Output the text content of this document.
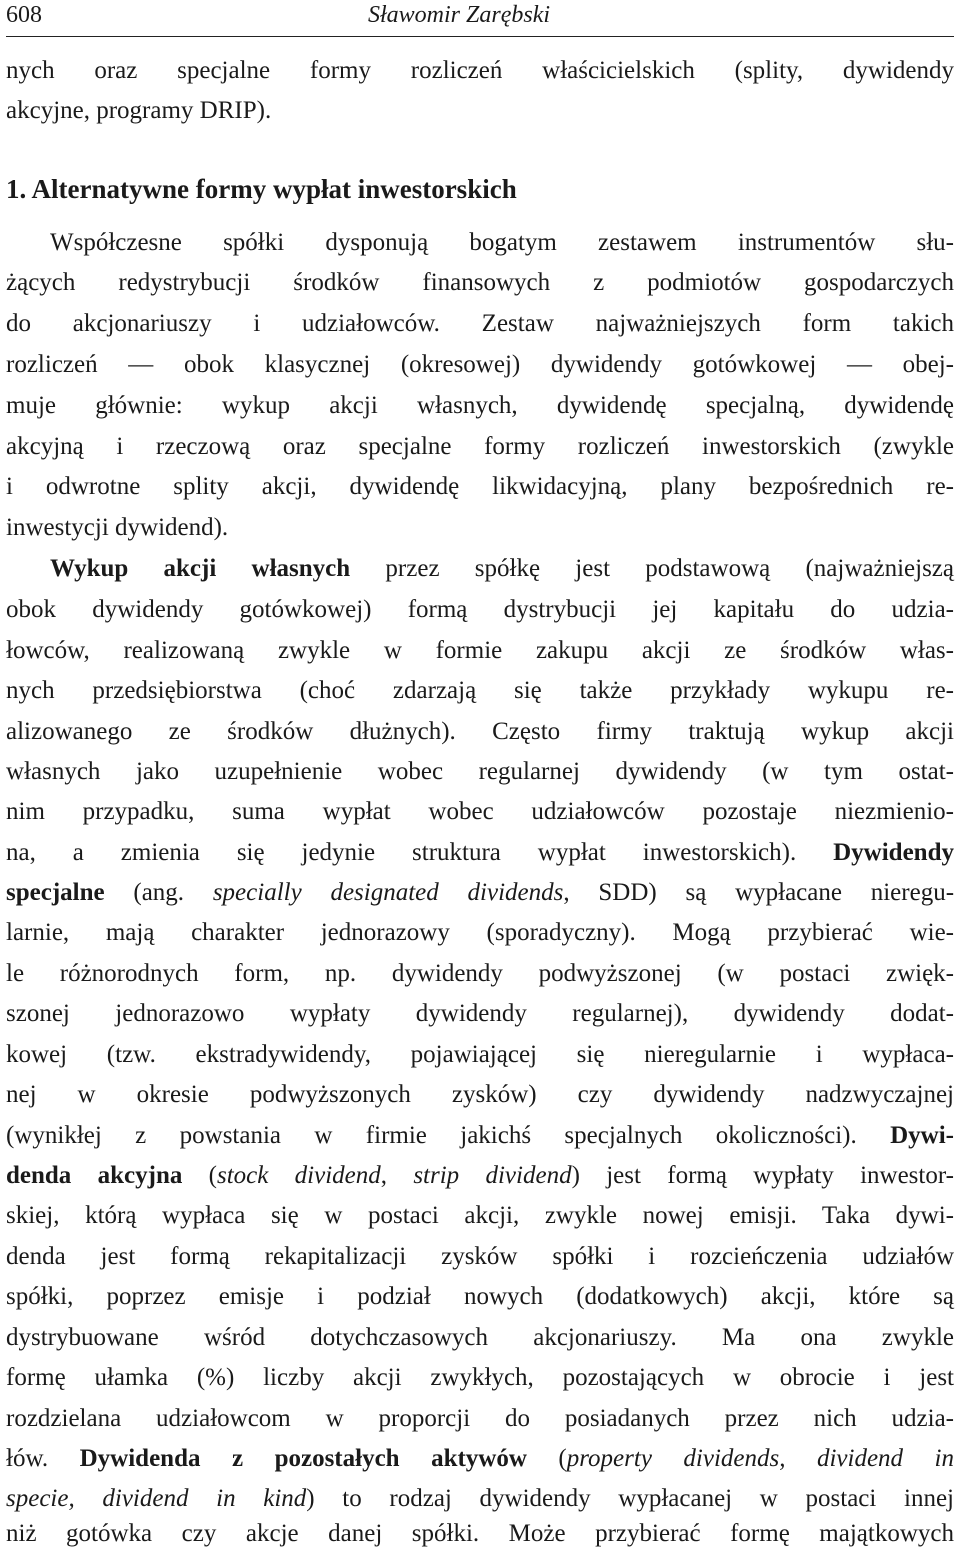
608	Sławomir Zarębski
nych oraz specjalne formy rozliczeń właścicielskich (splity, dywidendy
akcyjne, programy DRIP).
1. Alternatywne formy wypłat inwestorskich
Współczesne spółki dysponują bogatym zestawem instrumentów słu-
żących redystrybucji środków finansowych z podmiotów gospodarczych
do akcjonariuszy i udziałowców. Zestaw najważniejszych form takich
rozliczeń — obok klasycznej (okresowej) dywidendy gotówkowej — obej-
muje głównie: wykup akcji własnych, dywidendę specjalną, dywidendę
akcyjną i rzeczową oraz specjalne formy rozliczeń inwestorskich (zwykle
i odwrotne splity akcji, dywidendę likwidacyjną, plany bezpośrednich re-
inwestycji dywidend).
Wykup akcji własnych przez spółkę jest podstawową (najważniejszą
obok dywidendy gotówkowej) formą dystrybucji jej kapitału do udzia-
łowców, realizowaną zwykle w formie zakupu akcji ze środków włas-
nych przedsiębiorstwa (choć zdarzają się także przykłady wykupu re-
alizowanego ze środków dłużnych). Często firmy traktują wykup akcji
własnych jako uzupełnienie wobec regularnej dywidendy (w tym ostat-
nim przypadku, suma wypłat wobec udziałowców pozostaje niezmienio-
na, a zmienia się jedynie struktura wypłat inwestorskich). Dywidendy
specjalne (ang. specially designated dividends, SDD) są wypłacane nieregu-
larnie, mają charakter jednorazowy (sporadyczny). Mogą przybierać wie-
le różnorodnych form, np. dywidendy podwyższonej (w postaci zwięk-
szonej jednorazowo wypłaty dywidendy regularnej), dywidendy dodat-
kowej (tzw. ekstradywidendy, pojawiającej się nieregularnie i wypłaca-
nej w okresie podwyższonych zysków) czy dywidendy nadzwyczajnej
(wynikłej z powstania w firmie jakichś specjalnych okoliczności). Dywi-
denda akcyjna (stock dividend, strip dividend) jest formą wypłaty inwestor-
skiej, którą wypłaca się w postaci akcji, zwykle nowej emisji. Taka dywi-
denda jest formą rekapitalizacji zysków spółki i rozcieńczenia udziałów
spółki, poprzez emisje i podział nowych (dodatkowych) akcji, które są
dystrybuowane wśród dotychczasowych akcjonariuszy. Ma ona zwykle
formę ułamka (%) liczby akcji zwykłych, pozostających w obrocie i jest
rozdzielana udziałowcom w proporcji do posiadanych przez nich udzia-
łów. Dywidenda z pozostałych aktywów (property dividends, dividend in
specie, dividend in kind) to rodzaj dywidendy wypłacanej w postaci innej
niż gotówka czy akcje danej spółki. Może przybierać formę majątkowych
